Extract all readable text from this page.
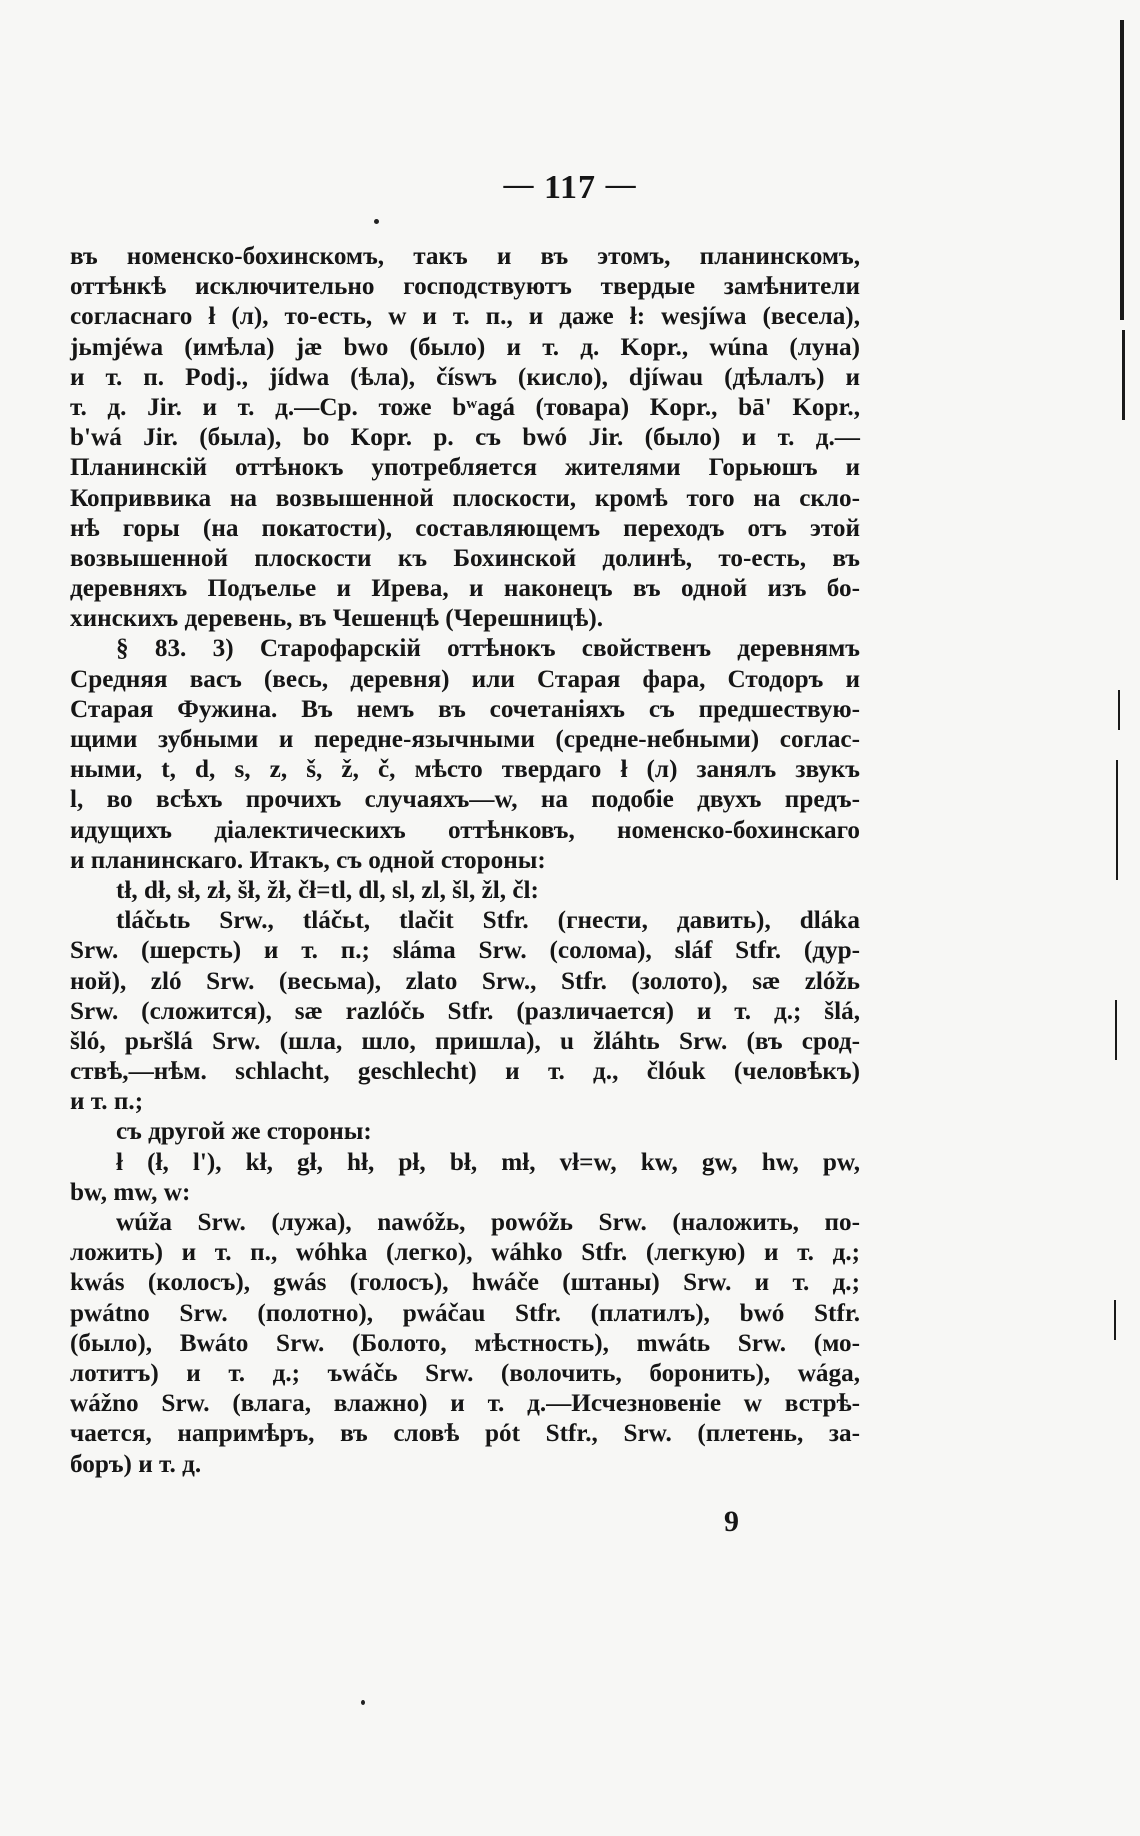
— 117 —
въ номенско-бохинскомъ, такъ и въ этомъ, планинскомъ,
оттѣнкѣ исключительно господствуютъ твердые замѣнители
согласнаго ł (л), то-есть, w и т. п., и даже ł: wesjíwa (весела),
jьmjéwa (имѣла) jæ bwo (было) и т. д. Kopr., wúna (луна)
и т. п. Podj., jídwa (ѣла), číswъ (кисло), djíwau (дѣлалъ) и
т. д. Jir. и т. д.—Ср. тоже bʷagá (товара) Kopr., bā' Kopr.,
b'wá Jir. (была), bo Kopr. р. съ bwó Jir. (было) и т. д.—
Планинскій оттѣнокъ употребляется жителями Горьюшъ и
Коприввика на возвышенной плоскости, кромѣ того на скло-
нѣ горы (на покатости), составляющемъ переходъ отъ этой
возвышенной плоскости къ Бохинской долинѣ, то-есть, въ
деревняхъ Подъелье и Ирева, и наконецъ въ одной изъ бо-
хинскихъ деревень, въ Чешенцѣ (Черешницѣ).
§ 83. 3) Старофарскій оттѣнокъ свойственъ деревнямъ
Средняя васъ (весь, деревня) или Старая фара, Стодоръ и
Старая Фужина. Въ немъ въ сочетаніяхъ съ предшествую-
щими зубными и передне-язычными (средне-небными) соглас-
ными, t, d, s, z, š, ž, č, мѣсто твердаго ł (л) занялъ звукъ
l, во всѣхъ прочихъ случаяхъ—w, на подобіе двухъ предъ-
идущихъ діалектическихъ оттѣнковъ, номенско-бохинскаго
и планинскаго. Итакъ, съ одной стороны:
tł, dł, sł, zł, šł, žł, čł=tl, dl, sl, zl, šl, žl, čl:
tláčьtь Srw., tláčьt, tlačit Stfr. (гнести, давить), dláka
Srw. (шерсть) и т. п.; sláma Srw. (солома), sláf Stfr. (дур-
ной), zló Srw. (весьма), zlato Srw., Stfr. (золото), sæ zlóžь
Srw. (сложится), sæ razlóčь Stfr. (различается) и т. д.; šlá,
šló, pьršlá Srw. (шла, шло, пришла), u žláhtь Srw. (въ срод-
ствѣ,—нѣм. schlacht, geschlecht) и т. д., člóuk (человѣкъ)
и т. п.;
съ другой же стороны:
ł (ł, l'), kł, gł, hł, pł, bł, mł, vł=w, kw, gw, hw, pw,
bw, mw, w:
wúža Srw. (лужа), nawóžь, powóžь Srw. (наложить, по-
ложить) и т. п., wóhka (легко), wáhko Stfr. (легкую) и т. д.;
kwás (колосъ), gwás (голосъ), hwáče (штаны) Srw. и т. д.;
pwátno Srw. (полотно), pwáčau Stfr. (платилъ), bwó Stfr.
(было), Bwáto Srw. (Болото, мѣстность), mwátь Srw. (мо-
лотитъ) и т. д.; ъwáčь Srw. (волочить, боронить), wága,
wážno Srw. (влага, влажно) и т. д.—Исчезновеніе w встрѣ-
чается, напримѣръ, въ словѣ pót Stfr., Srw. (плетень, за-
боръ) и т. д.
9
